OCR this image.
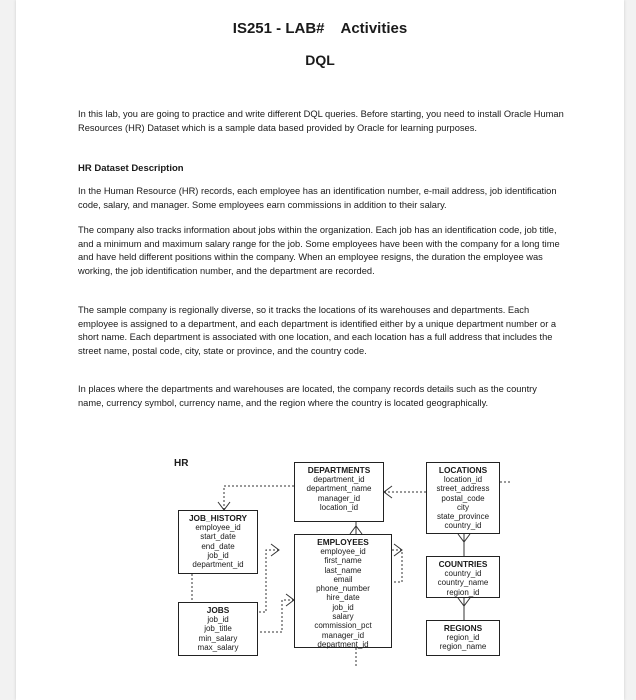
IS251 - LAB# Activities
DQL

In this lab, you are going to practice and write different DQL queries. Before starting, you need to install Oracle Human Resources (HR) Dataset which is a sample data based provided by Oracle for learning purposes.

HR Dataset Description

In the Human Resource (HR) records, each employee has an identification number, e-mail address, job identification code, salary, and manager. Some employees earn commissions in addition to their salary.

The company also tracks information about jobs within the organization. Each job has an identification code, job title, and a minimum and maximum salary range for the job. Some employees have been with the company for a long time and have held different positions within the company. When an employee resigns, the duration the employee was working, the job identification number, and the department are recorded.

The sample company is regionally diverse, so it tracks the locations of its warehouses and departments. Each employee is assigned to a department, and each department is identified either by a unique department number or a short name. Each department is associated with one location, and each location has a full address that includes the street name, postal code, city, state or province, and the country code.

In places where the departments and warehouses are located, the company records details such as the country name, currency symbol, currency name, and the region where the country is located geographically.

HR
JOB_HISTORY
employee_id
start_date
end_date
job_id
department_id
JOBS
job_id
job_title
min_salary
max_salary
DEPARTMENTS
department_id
department_name
manager_id
location_id
EMPLOYEES
employee_id
first_name
last_name
email
phone_number
hire_date
job_id
salary
commission_pct
manager_id
department_id
LOCATIONS
location_id
street_address
postal_code
city
state_province
country_id
COUNTRIES
country_id
country_name
region_id
REGIONS
region_id
region_name
